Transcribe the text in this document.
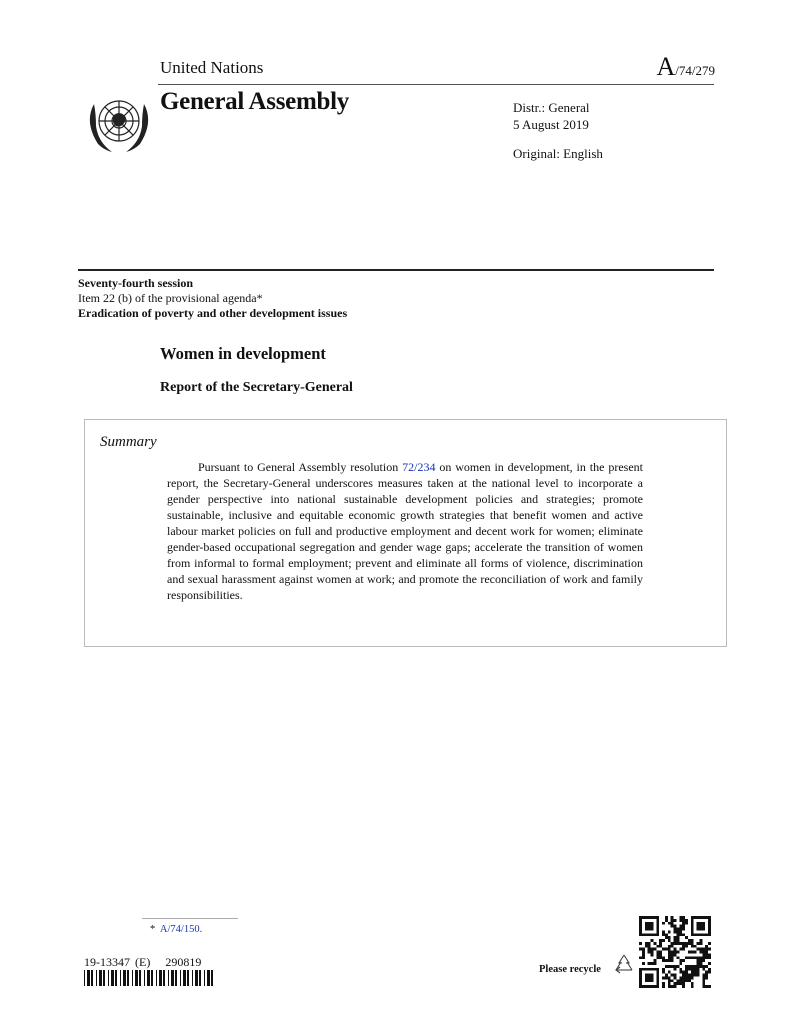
United Nations	A/74/279
General Assembly	Distr.: General
5 August 2019
Original: English
Seventy-fourth session
Item 22 (b) of the provisional agenda*
Eradication of poverty and other development issues
Women in development
Report of the Secretary-General
Summary
Pursuant to General Assembly resolution 72/234 on women in development, in the present report, the Secretary-General underscores measures taken at the national level to incorporate a gender perspective into national sustainable development policies and strategies; promote sustainable, inclusive and equitable economic growth strategies that benefit women and active labour market policies on full and productive employment and decent work for women; eliminate gender-based occupational segregation and gender wage gaps; accelerate the transition of women from informal to formal employment; prevent and eliminate all forms of violence, discrimination and sexual harassment against women at work; and promote the reconciliation of work and family responsibilities.
* A/74/150.
19-13347 (E) 290819
Please recycle
